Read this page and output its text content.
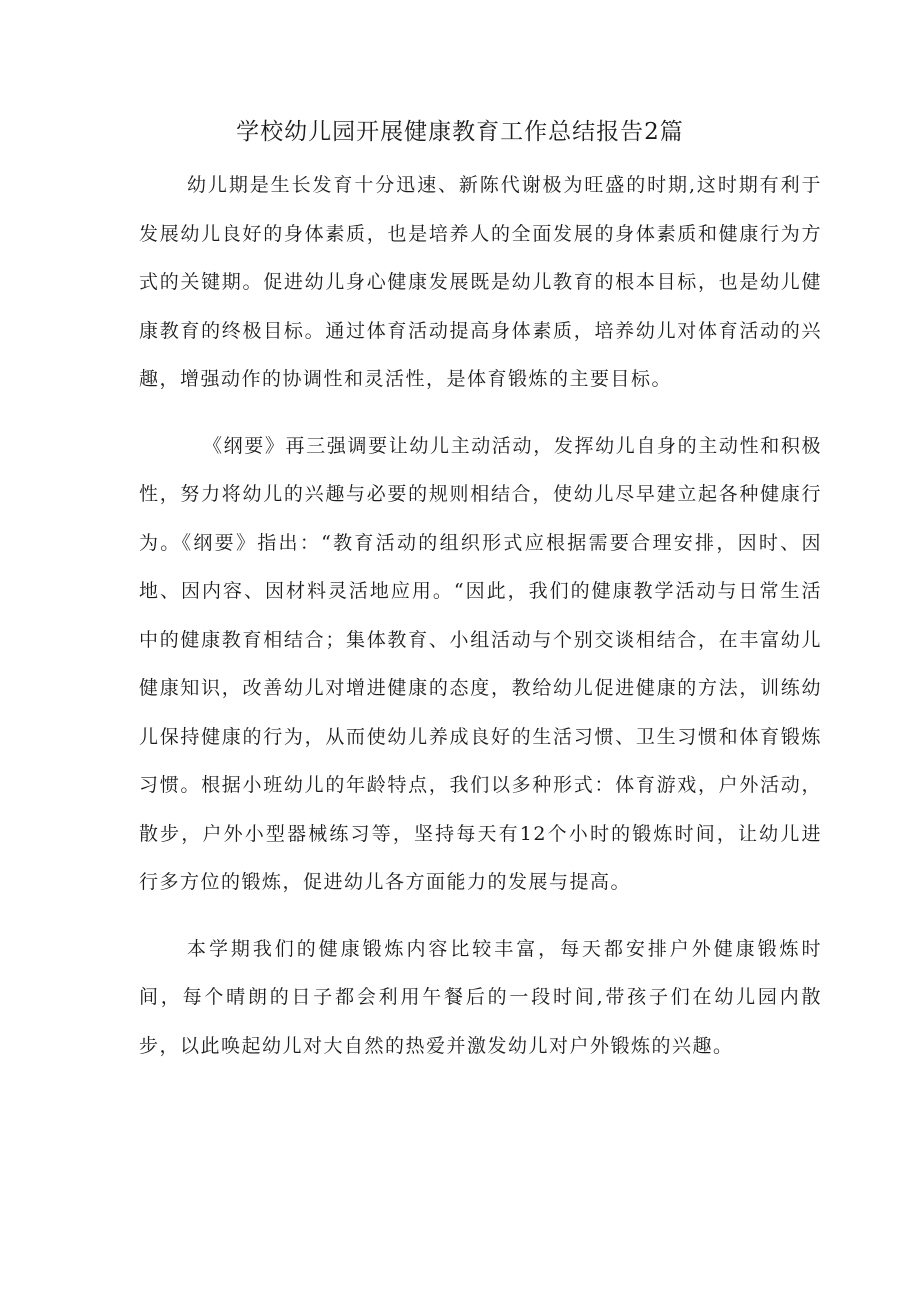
学校幼儿园开展健康教育工作总结报告2篇

幼儿期是生长发育十分迅速、新陈代谢极为旺盛的时期,这时期有利于发展幼儿良好的身体素质，也是培养人的全面发展的身体素质和健康行为方式的关键期。促进幼儿身心健康发展既是幼儿教育的根本目标，也是幼儿健康教育的终极目标。通过体育活动提高身体素质，培养幼儿对体育活动的兴趣，增强动作的协调性和灵活性，是体育锻炼的主要目标。

《纲要》再三强调要让幼儿主动活动，发挥幼儿自身的主动性和积极性，努力将幼儿的兴趣与必要的规则相结合，使幼儿尽早建立起各种健康行为。《纲要》指出：“教育活动的组织形式应根据需要合理安排，因时、因地、因内容、因材料灵活地应用。“因此，我们的健康教学活动与日常生活中的健康教育相结合；集体教育、小组活动与个别交谈相结合，在丰富幼儿健康知识，改善幼儿对增进健康的态度，教给幼儿促进健康的方法，训练幼儿保持健康的行为，从而使幼儿养成良好的生活习惯、卫生习惯和体育锻炼习惯。根据小班幼儿的年龄特点，我们以多种形式：体育游戏，户外活动，散步，户外小型器械练习等，坚持每天有12个小时的锻炼时间，让幼儿进行多方位的锻炼，促进幼儿各方面能力的发展与提高。

本学期我们的健康锻炼内容比较丰富，每天都安排户外健康锻炼时间，每个晴朗的日子都会利用午餐后的一段时间,带孩子们在幼儿园内散步，以此唤起幼儿对大自然的热爱并激发幼儿对户外锻炼的兴趣。
